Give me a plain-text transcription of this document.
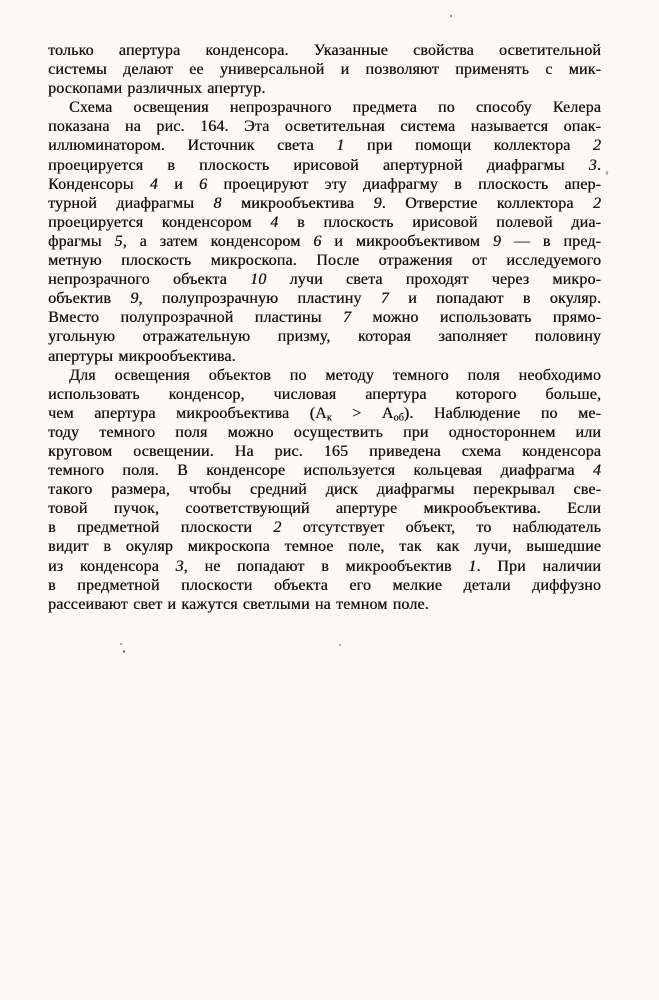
только апертура конденсора. Указанные свойства осветительной
системы делают ее универсальной и позволяют применять с мик-
роскопами различных апертур.
Схема освещения непрозрачного предмета по способу Келера
показана на рис. 164. Эта осветительная система называется опак-
иллюминатором. Источник света 1 при помощи коллектора 2
проецируется в плоскость ирисовой апертурной диафрагмы 3.
Конденсоры 4 и 6 проецируют эту диафрагму в плоскость апер-
турной диафрагмы 8 микрообъектива 9. Отверстие коллектора 2
проецируется конденсором 4 в плоскость ирисовой полевой диа-
фрагмы 5, а затем конденсором 6 и микрообъективом 9 — в пред-
метную плоскость микроскопа. После отражения от исследуемого
непрозрачного объекта 10 лучи света проходят через микро-
объектив 9, полупрозрачную пластину 7 и попадают в окуляр.
Вместо полупрозрачной пластины 7 можно использовать прямо-
угольную отражательную призму, которая заполняет половину
апертуры микрообъектива.
Для освещения объектов по методу темного поля необходимо
использовать конденсор, числовая апертура которого больше,
чем апертура микрообъектива $(А_к > А_{об})$. Наблюдение по ме-
тоду темного поля можно осуществить при одностороннем или
круговом освещении. На рис. 165 приведена схема конденсора
темного поля. В конденсоре используется кольцевая диафрагма 4
такого размера, чтобы средний диск диафрагмы перекрывал све-
товой пучок, соответствующий апертуре микрообъектива. Если
в предметной плоскости 2 отсутствует объект, то наблюдатель
видит в окуляр микроскопа темное поле, так как лучи, вышедшие
из конденсора 3, не попадают в микрообъектив 1. При наличии
в предметной плоскости объекта его мелкие детали диффузно
рассеивают свет и кажутся светлыми на темном поле.
